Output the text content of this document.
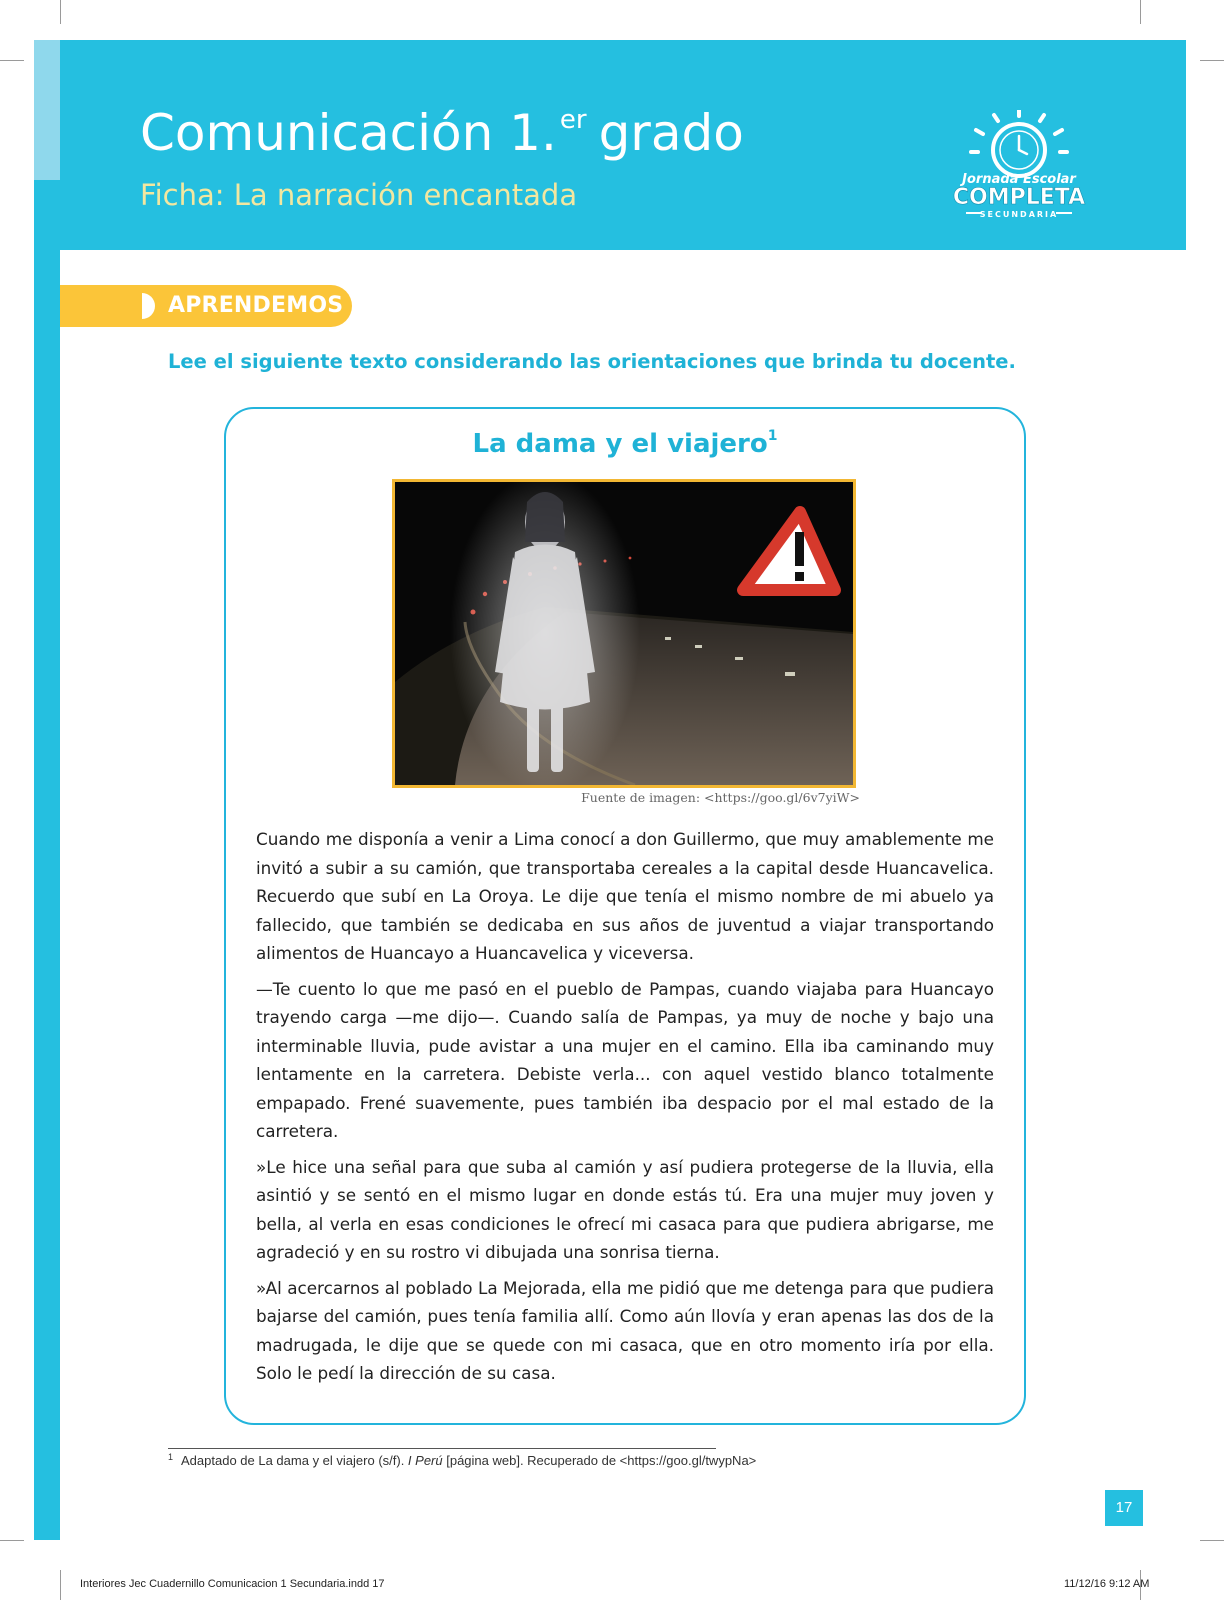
Comunicación 1. $^{er}$ grado
Ficha: La narración encantada	Jornada Escolar
COMPLETA
SECUNDARIA
APRENDEMOS
Lee el siguiente texto considerando las orientaciones que brinda tu docente.
La dama y el viajero$^1$
Fuente de imagen: <https://goo.gl/6v7yiW>

Cuando me disponía a venir a Lima conocí a don Guillermo, que muy amablemente me invitó a subir a su camión, que transportaba cereales a la capital desde Huancavelica. Recuerdo que subí en La Oroya. Le dije que tenía el mismo nombre de mi abuelo ya fallecido, que también se dedicaba en sus años de juventud a viajar transportando alimentos de Huancayo a Huancavelica y viceversa.

—Te cuento lo que me pasó en el pueblo de Pampas, cuando viajaba para Huancayo trayendo carga —me dijo—. Cuando salía de Pampas, ya muy de noche y bajo una interminable lluvia, pude avistar a una mujer en el camino. Ella iba caminando muy lentamente en la carretera. Debiste verla... con aquel vestido blanco totalmente empapado. Frené suavemente, pues también iba despacio por el mal estado de la carretera.

»Le hice una señal para que suba al camión y así pudiera protegerse de la lluvia, ella asintió y se sentó en el mismo lugar en donde estás tú. Era una mujer muy joven y bella, al verla en esas condiciones le ofrecí mi casaca para que pudiera abrigarse, me agradeció y en su rostro vi dibujada una sonrisa tierna.

»Al acercarnos al poblado La Mejorada, ella me pidió que me detenga para que pudiera bajarse del camión, pues tenía familia allí. Como aún llovía y eran apenas las dos de la madrugada, le dije que se quede con mi casaca, que en otro momento iría por ella. Solo le pedí la dirección de su casa.

$^1$ Adaptado de La dama y el viajero (s/f). I Perú [página web]. Recuperado de <https://goo.gl/twypNa>
17
Interiores Jec Cuadernillo Comunicacion 1 Secundaria.indd 17	11/12/16 9:12 AM
